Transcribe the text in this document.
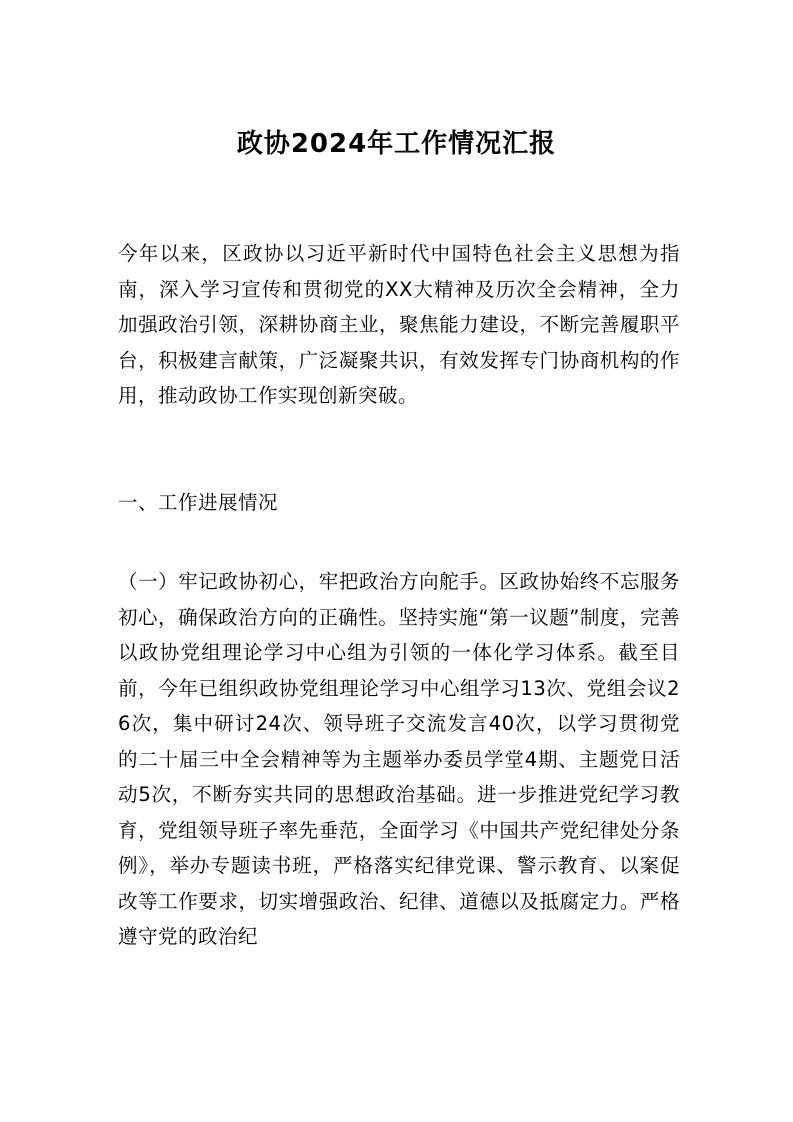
政协2024年工作情况汇报
今年以来，区政协以习近平新时代中国特色社会主义思想为指南，深入学习宣传和贯彻党的XX大精神及历次全会精神，全力加强政治引领，深耕协商主业，聚焦能力建设，不断完善履职平台，积极建言献策，广泛凝聚共识，有效发挥专门协商机构的作用，推动政协工作实现创新突破。
一、工作进展情况
（一）牢记政协初心，牢把政治方向舵手。区政协始终不忘服务初心，确保政治方向的正确性。坚持实施“第一议题”制度，完善以政协党组理论学习中心组为引领的一体化学习体系。截至目前，今年已组织政协党组理论学习中心组学习13次、党组会议26次，集中研讨24次、领导班子交流发言40次，以学习贯彻党的二十届三中全会精神等为主题举办委员学堂4期、主题党日活动5次，不断夯实共同的思想政治基础。进一步推进党纪学习教育，党组领导班子率先垂范，全面学习《中国共产党纪律处分条例》，举办专题读书班，严格落实纪律党课、警示教育、以案促改等工作要求，切实增强政治、纪律、道德以及抵腐定力。严格遵守党的政治纪
